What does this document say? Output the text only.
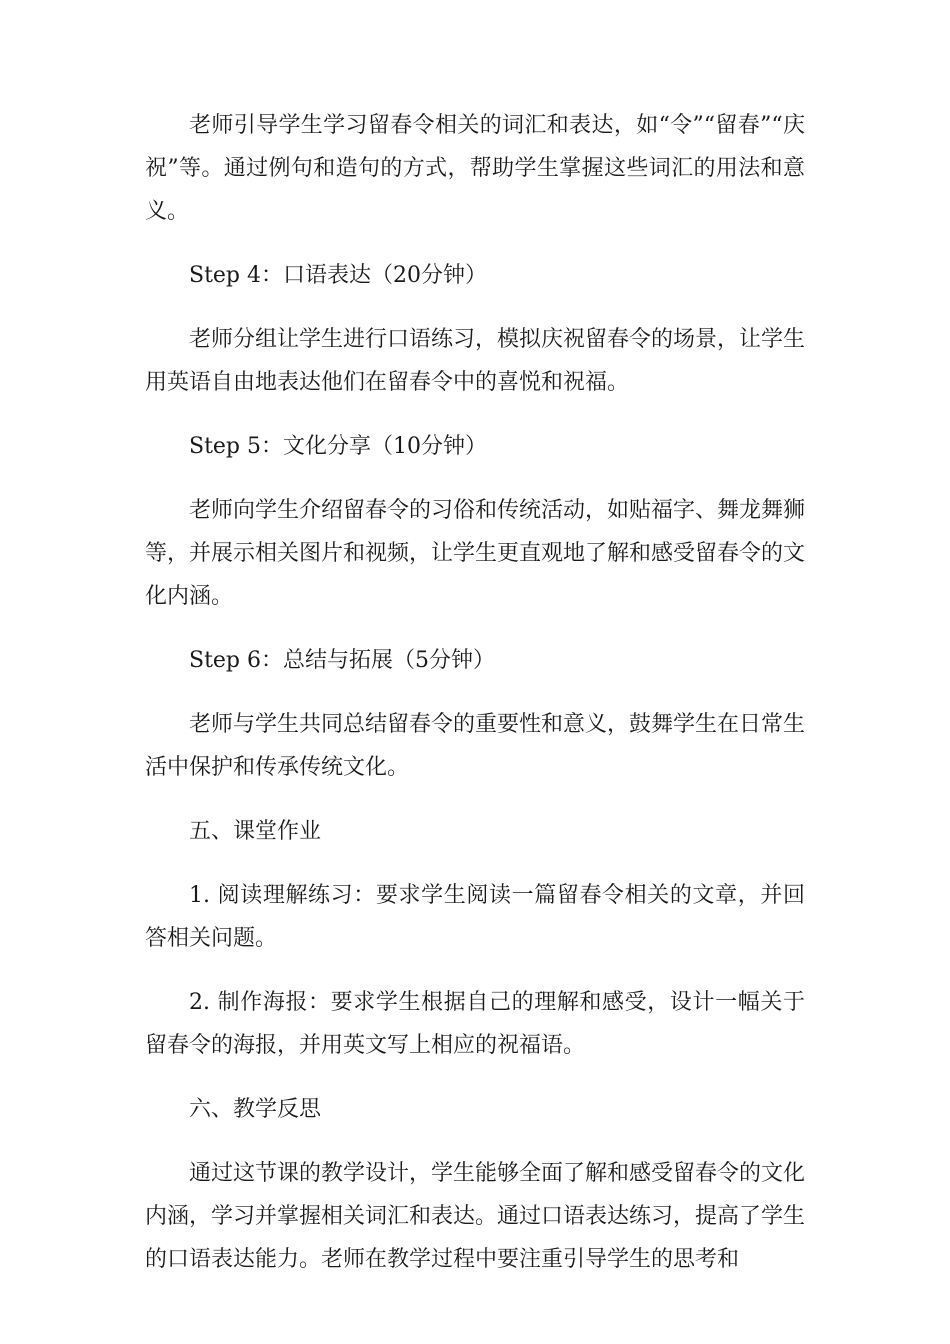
老师引导学生学习留春令相关的词汇和表达，如“令”“留春”“庆祝”等。通过例句和造句的方式，帮助学生掌握这些词汇的用法和意义。

Step 4：口语表达（20分钟）

老师分组让学生进行口语练习，模拟庆祝留春令的场景，让学生用英语自由地表达他们在留春令中的喜悦和祝福。

Step 5：文化分享（10分钟）

老师向学生介绍留春令的习俗和传统活动，如贴福字、舞龙舞狮等，并展示相关图片和视频，让学生更直观地了解和感受留春令的文化内涵。

Step 6：总结与拓展（5分钟）

老师与学生共同总结留春令的重要性和意义，鼓舞学生在日常生活中保护和传承传统文化。

五、课堂作业

1. 阅读理解练习：要求学生阅读一篇留春令相关的文章，并回答相关问题。

2. 制作海报：要求学生根据自己的理解和感受，设计一幅关于留春令的海报，并用英文写上相应的祝福语。

六、教学反思

通过这节课的教学设计，学生能够全面了解和感受留春令的文化内涵，学习并掌握相关词汇和表达。通过口语表达练习，提高了学生的口语表达能力。老师在教学过程中要注重引导学生的思考和
